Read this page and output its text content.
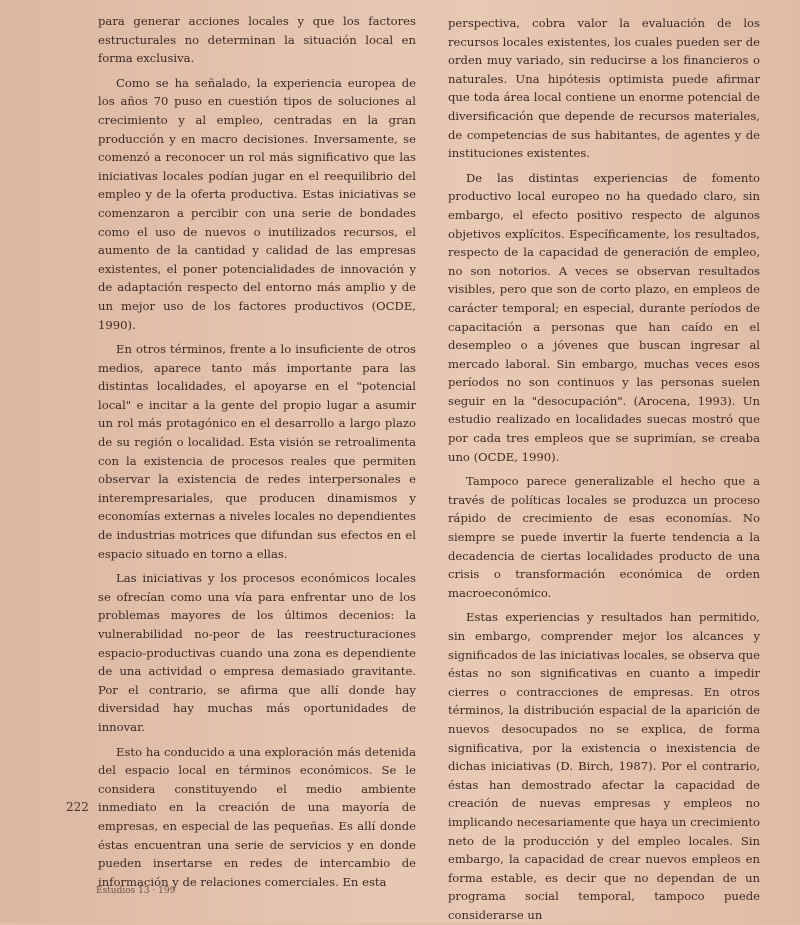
para generar acciones locales y que los factores estructurales no determinan la situación local en forma exclusiva.

Como se ha señalado, la experiencia europea de los años 70 puso en cuestión tipos de soluciones al crecimiento y al empleo, centradas en la gran producción y en macro decisiones. Inversamente, se comenzó a reconocer un rol más significativo que las iniciativas locales podían jugar en el reequilibrio del empleo y de la oferta productiva. Estas iniciativas se comenzaron a percibir con una serie de bondades como el uso de nuevos o inutilizados recursos, el aumento de la cantidad y calidad de las empresas existentes, el poner potencialidades de innovación y de adaptación respecto del entorno más amplio y de un mejor uso de los factores productivos (OCDE, 1990).

En otros términos, frente a lo insuficiente de otros medios, aparece tanto más importante para las distintas localidades, el apoyarse en el "potencial local" e incitar a la gente del propio lugar a asumir un rol más protagónico en el desarrollo a largo plazo de su región o localidad. Esta visión se retroalimenta con la existencia de procesos reales que permiten observar la existencia de redes interpersonales e interempresariales, que producen dinamismos y economías externas a niveles locales no dependientes de industrias motrices que difundan sus efectos en el espacio situado en torno a ellas.

Las iniciativas y los procesos económicos locales se ofrecían como una vía para enfrentar uno de los problemas mayores de los últimos decenios: la vulnerabilidad no-peor de las reestructuraciones espacio-productivas cuando una zona es dependiente de una actividad o empresa demasiado gravitante. Por el contrario, se afirma que allí donde hay diversidad hay muchas más oportunidades de innovar.

Esto ha conducido a una exploración más detenida del espacio local en términos económicos. Se le considera constituyendo el medio ambiente inmediato en la creación de una mayoría de empresas, en especial de las pequeñas. Es allí donde éstas encuentran una serie de servicios y en donde pueden insertarse en redes de intercambio de información y de relaciones comerciales. En esta

perspectiva, cobra valor la evaluación de los recursos locales existentes, los cuales pueden ser de orden muy variado, sin reducirse a los financieros o naturales. Una hipótesis optimista puede afirmar que toda área local contiene un enorme potencial de diversificación que depende de recursos materiales, de competencias de sus habitantes, de agentes y de instituciones existentes.

De las distintas experiencias de fomento productivo local europeo no ha quedado claro, sin embargo, el efecto positivo respecto de algunos objetivos explícitos. Específicamente, los resultados, respecto de la capacidad de generación de empleo, no son notorios. A veces se observan resultados visibles, pero que son de corto plazo, en empleos de carácter temporal; en especial, durante períodos de capacitación a personas que han caído en el desempleo o a jóvenes que buscan ingresar al mercado laboral. Sin embargo, muchas veces esos períodos no son continuos y las personas suelen seguir en la "desocupación". (Arocena, 1993). Un estudio realizado en localidades suecas mostró que por cada tres empleos que se suprimían, se creaba uno (OCDE, 1990).

Tampoco parece generalizable el hecho que a través de políticas locales se produzca un proceso rápido de crecimiento de esas economías. No siempre se puede invertir la fuerte tendencia a la decadencia de ciertas localidades producto de una crisis o transformación económica de orden macroeconómico.

Estas experiencias y resultados han permitido, sin embargo, comprender mejor los alcances y significados de las iniciativas locales, se observa que éstas no son significativas en cuanto a impedir cierres o contracciones de empresas. En otros términos, la distribución espacial de la aparición de nuevos desocupados no se explica, de forma significativa, por la existencia o inexistencia de dichas iniciativas (D. Birch, 1987). Por el contrario, éstas han demostrado afectar la capacidad de creación de nuevas empresas y empleos no implicando necesariamente que haya un crecimiento neto de la producción y del empleo locales. Sin embargo, la capacidad de crear nuevos empleos en forma estable, es decir que no dependan de un programa social temporal, tampoco puede considerarse un

222
Estudios 13 · 199
